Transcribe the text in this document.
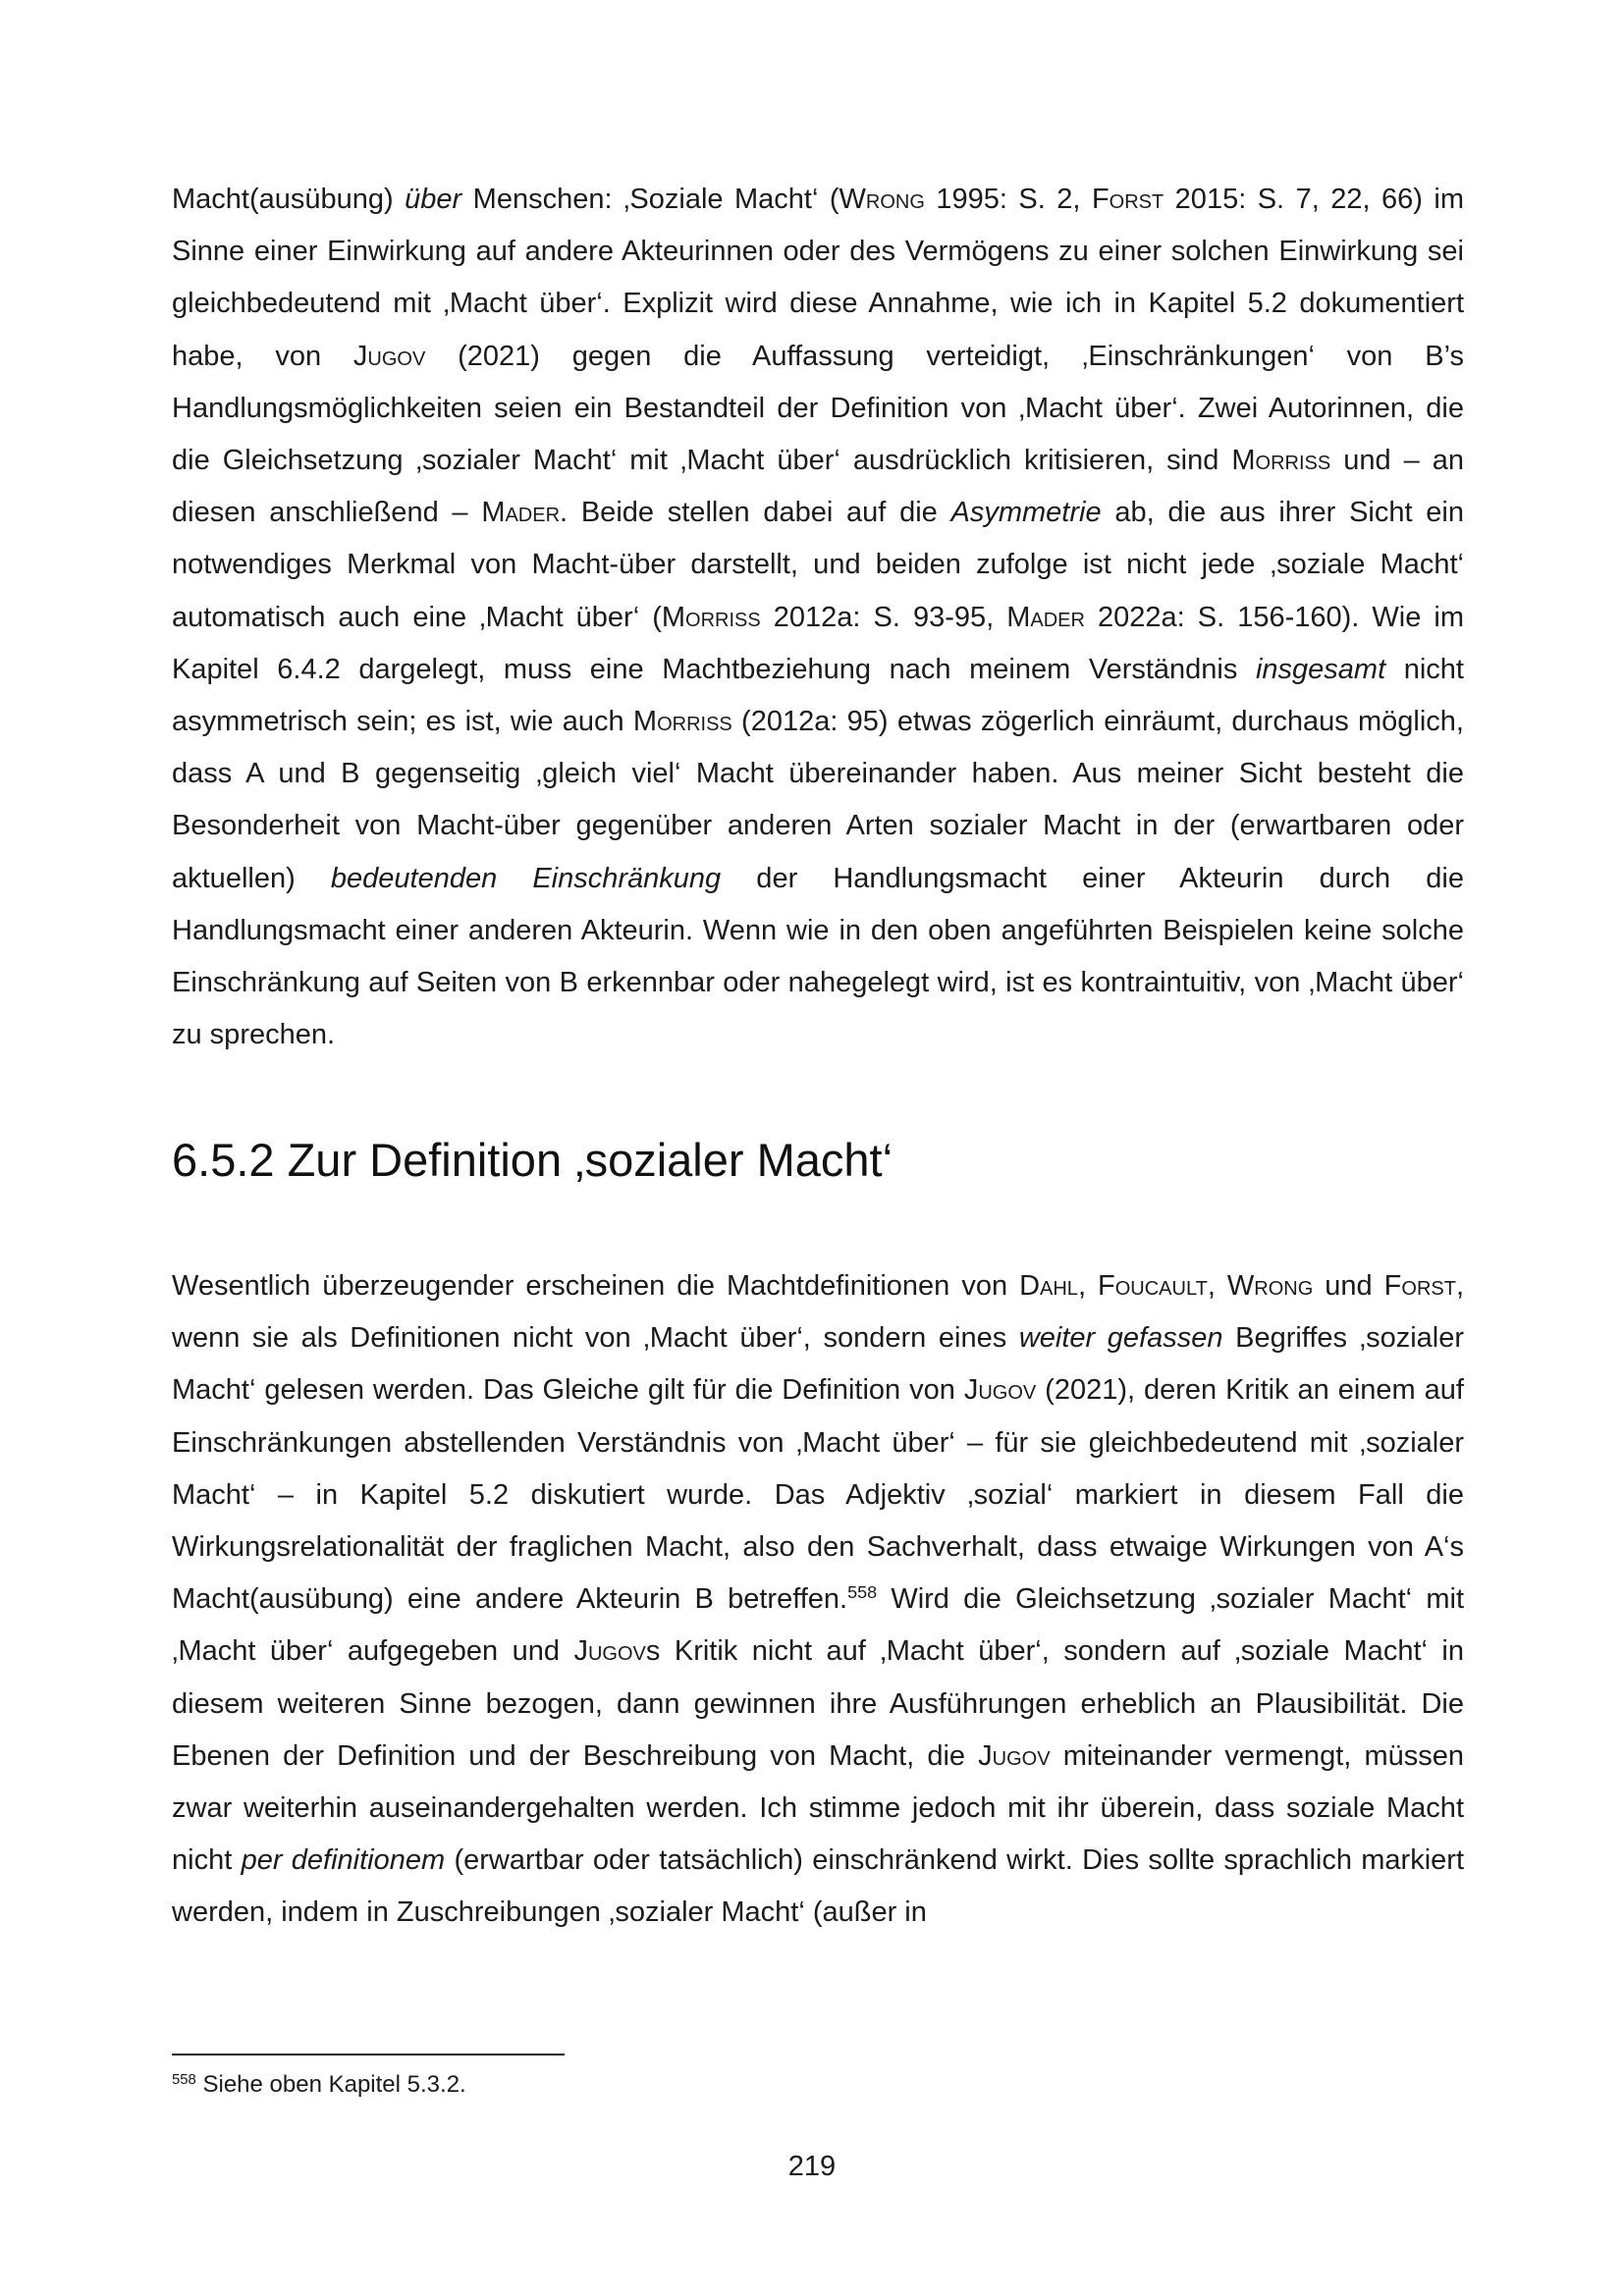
Macht(ausübung) über Menschen: ‚Soziale Macht‘ (Wrong 1995: S. 2, Forst 2015: S. 7, 22, 66) im Sinne einer Einwirkung auf andere Akteurinnen oder des Vermögens zu einer solchen Einwirkung sei gleichbedeutend mit ‚Macht über‘. Explizit wird diese Annahme, wie ich in Kapitel 5.2 dokumentiert habe, von Jugov (2021) gegen die Auffassung verteidigt, ‚Einschränkungen‘ von B’s Handlungsmöglichkeiten seien ein Bestandteil der Definition von ‚Macht über‘. Zwei Autorinnen, die die Gleichsetzung ‚sozialer Macht‘ mit ‚Macht über‘ ausdrücklich kritisieren, sind Morriss und – an diesen anschließend – Mader. Beide stellen dabei auf die Asymmetrie ab, die aus ihrer Sicht ein notwendiges Merkmal von Macht-über darstellt, und beiden zufolge ist nicht jede ‚soziale Macht‘ automatisch auch eine ‚Macht über‘ (Morriss 2012a: S. 93-95, Mader 2022a: S. 156-160). Wie im Kapitel 6.4.2 dargelegt, muss eine Machtbeziehung nach meinem Verständnis insgesamt nicht asymmetrisch sein; es ist, wie auch Morriss (2012a: 95) etwas zögerlich einräumt, durchaus möglich, dass A und B gegenseitig ‚gleich viel‘ Macht übereinander haben. Aus meiner Sicht besteht die Besonderheit von Macht-über gegenüber anderen Arten sozialer Macht in der (erwartbaren oder aktuellen) bedeutenden Einschränkung der Handlungsmacht einer Akteurin durch die Handlungsmacht einer anderen Akteurin. Wenn wie in den oben angeführten Beispielen keine solche Einschränkung auf Seiten von B erkennbar oder nahegelegt wird, ist es kontraintuitiv, von ‚Macht über‘ zu sprechen.

6.5.2 Zur Definition ‚sozialer Macht‘

Wesentlich überzeugender erscheinen die Machtdefinitionen von Dahl, Foucault, Wrong und Forst, wenn sie als Definitionen nicht von ‚Macht über‘, sondern eines weiter gefassen Begriffes ‚sozialer Macht‘ gelesen werden. Das Gleiche gilt für die Definition von Jugov (2021), deren Kritik an einem auf Einschränkungen abstellenden Verständnis von ‚Macht über‘ – für sie gleichbedeutend mit ‚sozialer Macht‘ – in Kapitel 5.2 diskutiert wurde. Das Adjektiv ‚sozial‘ markiert in diesem Fall die Wirkungsrelationalität der fraglichen Macht, also den Sachverhalt, dass etwaige Wirkungen von A‘s Macht(ausübung) eine andere Akteurin B betreffen.$^{558}$ Wird die Gleichsetzung ‚sozialer Macht‘ mit ‚Macht über‘ aufgegeben und Jugovs Kritik nicht auf ‚Macht über‘, sondern auf ‚soziale Macht‘ in diesem weiteren Sinne bezogen, dann gewinnen ihre Ausführungen erheblich an Plausibilität. Die Ebenen der Definition und der Beschreibung von Macht, die Jugov miteinander vermengt, müssen zwar weiterhin auseinandergehalten werden. Ich stimme jedoch mit ihr überein, dass soziale Macht nicht per definitionem (erwartbar oder tatsächlich) einschränkend wirkt. Dies sollte sprachlich markiert werden, indem in Zuschreibungen ‚sozialer Macht‘ (außer in

$^{558}$ Siehe oben Kapitel 5.3.2.

219
